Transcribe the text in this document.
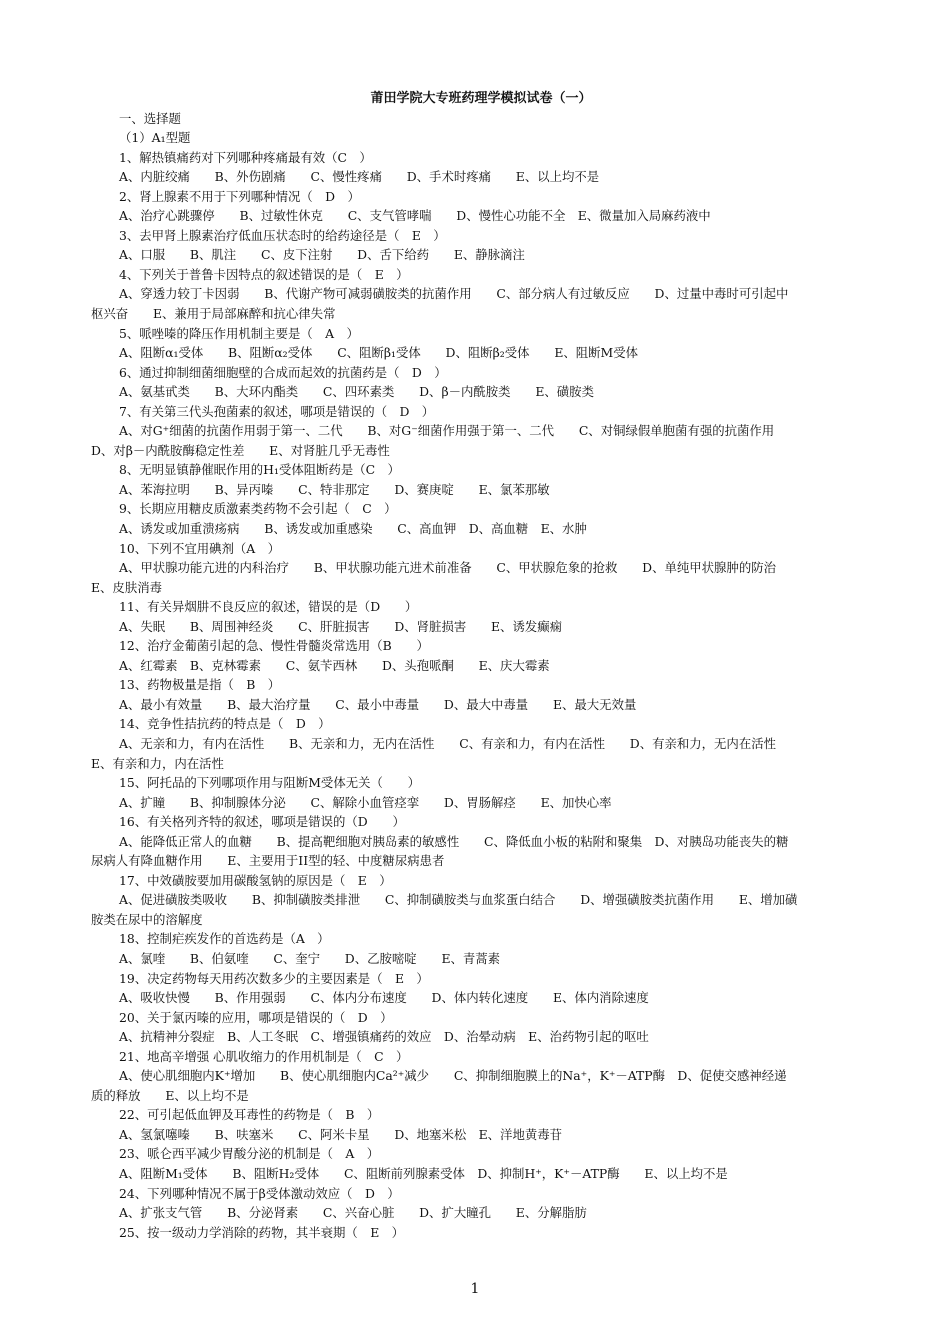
莆田学院大专班药理学模拟试卷（一）

一、选择题

（1）A₁型题

1、解热镇痛药对下列哪种疼痛最有效（C　）

A、内脏绞痛　　B、外伤剧痛　　C、慢性疼痛　　D、手术时疼痛　　E、以上均不是

2、肾上腺素不用于下列哪种情况（　D　）

A、治疗心跳骤停　　B、过敏性休克　　C、支气管哮喘　　D、慢性心功能不全　E、微量加入局麻药液中

3、去甲肾上腺素治疗低血压状态时的给药途径是（　E　）

A、口服　　B、肌注　　C、皮下注射　　D、舌下给药　　E、静脉滴注

4、下列关于普鲁卡因特点的叙述错误的是（　E　）

A、穿透力较丁卡因弱　　B、代谢产物可减弱磺胺类的抗菌作用　　C、部分病人有过敏反应　　D、过量中毒时可引起中

枢兴奋　　E、兼用于局部麻醉和抗心律失常

5、哌唑嗪的降压作用机制主要是（　A　）

A、阻断α₁受体　　B、阻断α₂受体　　C、阻断β₁受体　　D、阻断β₂受体　　E、阻断M受体

6、通过抑制细菌细胞壁的合成而起效的抗菌药是（　D　）

A、氨基甙类　　B、大环内酯类　　C、四环素类　　D、β－内酰胺类　　E、磺胺类

7、有关第三代头孢菌素的叙述，哪项是错误的（　D　）

A、对G⁺细菌的抗菌作用弱于第一、二代　　B、对G⁻细菌作用强于第一、二代　　C、对铜绿假单胞菌有强的抗菌作用

D、对β－内酰胺酶稳定性差　　E、对肾脏几乎无毒性

8、无明显镇静催眠作用的H₁受体阻断药是（C　）

A、苯海拉明　　B、异丙嗪　　C、特非那定　　D、赛庚啶　　E、氯苯那敏

9、长期应用糖皮质激素类药物不会引起（　C　）

A、诱发或加重溃疡病　　B、诱发或加重感染　　C、高血钾　D、高血糖　E、水肿

10、下列不宜用碘剂（A　）

A、甲状腺功能亢进的内科治疗　　B、甲状腺功能亢进术前准备　　C、甲状腺危象的抢救　　D、单纯甲状腺肿的防治

E、皮肤消毒

11、有关异烟肼不良反应的叙述，错误的是（D　　）

A、失眠　　B、周围神经炎　　C、肝脏损害　　D、肾脏损害　　E、诱发癫痫

12、治疗金葡菌引起的急、慢性骨髓炎常选用（B　　）

A、红霉素　B、克林霉素　　C、氨苄西林　　D、头孢哌酮　　E、庆大霉素

13、药物极量是指（　B　）

A、最小有效量　　B、最大治疗量　　C、最小中毒量　　D、最大中毒量　　E、最大无效量

14、竞争性拮抗药的特点是（　D　）

A、无亲和力，有内在活性　　B、无亲和力，无内在活性　　C、有亲和力，有内在活性　　D、有亲和力，无内在活性

E、有亲和力，内在活性

15、阿托品的下列哪项作用与阻断M受体无关（　　）

A、扩瞳　　B、抑制腺体分泌　　C、解除小血管痉挛　　D、胃肠解痉　　E、加快心率

16、有关格列齐特的叙述，哪项是错误的（D　　）

A、能降低正常人的血糖　　B、提高靶细胞对胰岛素的敏感性　　C、降低血小板的粘附和聚集　D、对胰岛功能丧失的糖

尿病人有降血糖作用　　E、主要用于II型的轻、中度糖尿病患者

17、中效磺胺要加用碳酸氢钠的原因是（　E　）

A、促进磺胺类吸收　　B、抑制磺胺类排泄　　C、抑制磺胺类与血浆蛋白结合　　D、增强磺胺类抗菌作用　　E、增加磺

胺类在尿中的溶解度

18、控制疟疾发作的首选药是（A　）

A、氯喹　　B、伯氨喹　　C、奎宁　　D、乙胺嘧啶　　E、青蒿素

19、决定药物每天用药次数多少的主要因素是（　E　）

A、吸收快慢　　B、作用强弱　　C、体内分布速度　　D、体内转化速度　　E、体内消除速度

20、关于氯丙嗪的应用，哪项是错误的（　D　）

A、抗精神分裂症　B、人工冬眠　C、增强镇痛药的效应　D、治晕动病　E、治药物引起的呕吐

21、地高辛增强 心肌收缩力的作用机制是（　C　）

A、使心肌细胞内K⁺增加　　B、使心肌细胞内Ca²⁺减少　　C、抑制细胞膜上的Na⁺，K⁺－ATP酶　D、促使交感神经递

质的释放　　E、以上均不是

22、可引起低血钾及耳毒性的药物是（　B　）

A、氢氯噻嗪　　B、呋塞米　　C、阿米卡星　　D、地塞米松　E、洋地黄毒苷

23、哌仑西平减少胃酸分泌的机制是（　A　）

A、阻断M₁受体　　B、阻断H₂受体　　C、阻断前列腺素受体　D、抑制H⁺，K⁺－ATP酶　　E、以上均不是

24、下列哪种情况不属于β受体激动效应（　D　）

A、扩张支气管　　B、分泌肾素　　C、兴奋心脏　　D、扩大瞳孔　　E、分解脂肪

25、按一级动力学消除的药物，其半衰期（　E　）

1
